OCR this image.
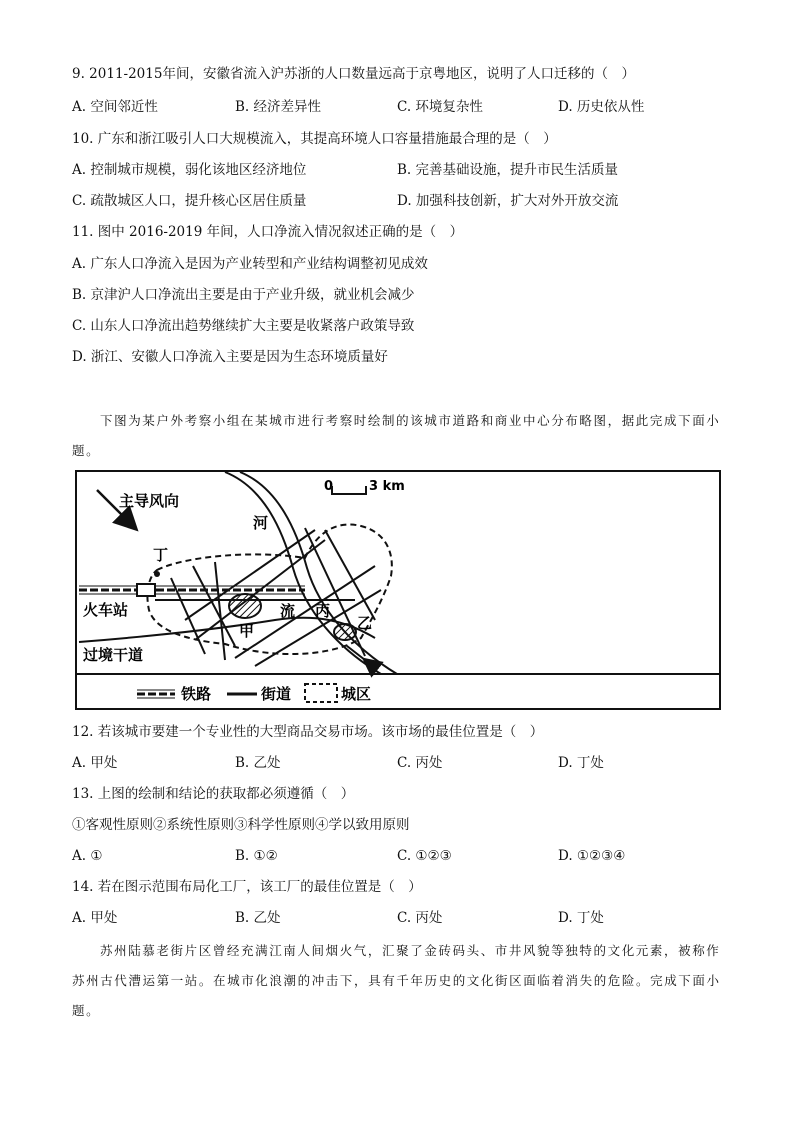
9. 2011-2015年间，安徽省流入沪苏浙的人口数量远高于京粤地区，说明了人口迁移的（　）
A. 空间邻近性	B. 经济差异性	C. 环境复杂性	D. 历史依从性
10. 广东和浙江吸引人口大规模流入，其提高环境人口容量措施最合理的是（　）
A. 控制城市规模，弱化该地区经济地位	B. 完善基础设施，提升市民生活质量
C. 疏散城区人口，提升核心区居住质量	D. 加强科技创新，扩大对外开放交流
11. 图中 2016-2019 年间，人口净流入情况叙述正确的是（　）
A. 广东人口净流入是因为产业转型和产业结构调整初见成效
B. 京津沪人口净流出主要是由于产业升级，就业机会减少
C. 山东人口净流出趋势继续扩大主要是收紧落户政策导致
D. 浙江、安徽人口净流入主要是因为生态环境质量好
下图为某户外考察小组在某城市进行考察时绘制的该城市道路和商业中心分布略图，据此完成下面小题。
主导风向
0	3 km
河
流
火车站
过境干道
甲	乙
丙
丁
铁路	街道	城区
12. 若该城市要建一个专业性的大型商品交易市场。该市场的最佳位置是（　）
A. 甲处	B. 乙处	C. 丙处	D. 丁处
13. 上图的绘制和结论的获取都必须遵循（　）
①客观性原则②系统性原则③科学性原则④学以致用原则
A. ①	B. ①②	C. ①②③	D. ①②③④
14. 若在图示范围布局化工厂，该工厂的最佳位置是（　）
A. 甲处	B. 乙处	C. 丙处	D. 丁处
苏州陆慕老街片区曾经充满江南人间烟火气，汇聚了金砖码头、市井风貌等独特的文化元素，被称作苏州古代漕运第一站。在城市化浪潮的冲击下，具有千年历史的文化街区面临着消失的危险。完成下面小题。
